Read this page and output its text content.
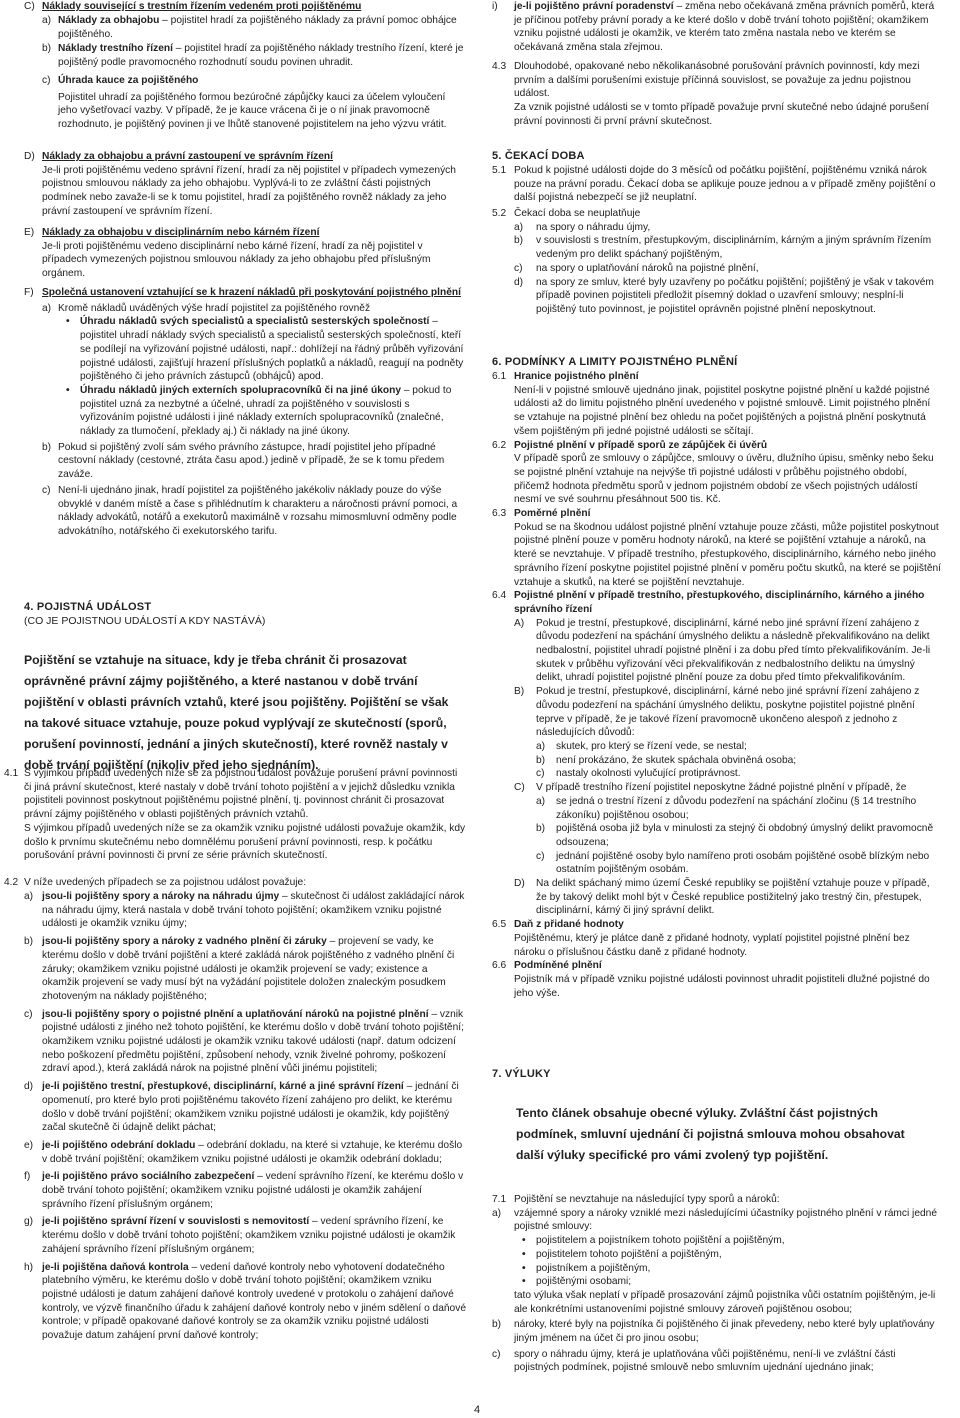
C) Náklady související s trestním řízením vedeném proti pojištěnému
a) Náklady za obhajobu – pojistitel hradí za pojištěného náklady za právní pomoc obhájce pojištěného.

b) Náklady trestního řízení – pojistitel hradí za pojištěného náklady trestního řízení, které je pojištěný podle pravomocného rozhodnutí soudu povinen uhradit.

c) Úhrada kauce za pojištěného

Pojistitel uhradí za pojištěného formou bezúročné zápůjčky kauci za účelem vyloučení jeho vyšetřovací vazby. V případě, že je kauce vrácena či je o ní jinak pravomocně rozhodnuto, je pojištěný povinen ji ve lhůtě stanovené pojistitelem na jeho výzvu vrátit.

D) Náklady za obhajobu a právní zastoupení ve správním řízení

Je-li proti pojištěnému vedeno správní řízení, hradí za něj pojistitel v případech vymezených pojistnou smlouvou náklady za jeho obhajobu. Vyplývá-li to ze zvláštní části pojistných podmínek nebo zavaže-li se k tomu pojistitel, hradí za pojištěného rovněž náklady za jeho právní zastoupení ve správním řízení.

E) Náklady za obhajobu v disciplinárním nebo kárném řízení

Je-li proti pojištěnému vedeno disciplinární nebo kárné řízení, hradí za něj pojistitel v případech vymezených pojistnou smlouvou náklady za jeho obhajobu před příslušným orgánem.

F) Společná ustanovení vztahující se k hrazení nákladů při poskytování pojistného plnění

a) Kromě nákladů uváděných výše hradí pojistitel za pojištěného rovněž

• Úhradu nákladů svých specialistů a specialistů sesterských společností – pojistitel uhradí náklady svých specialistů a specialistů sesterských společností, kteří se podílejí na vyřizování pojistné události, např.: dohlížejí na řádný průběh vyřizování pojistné události, zajišťují hrazení příslušných poplatků a nákladů, reagují na podněty pojištěného či jeho právních zástupců (obhájců) apod.

• Úhradu nákladů jiných externích spolupracovníků či na jiné úkony – pokud to pojistitel uzná za nezbytné a účelné, uhradí za pojištěného v souvislosti s vyřizováním pojistné události i jiné náklady externích spolupracovníků (znalečné, náklady za tlumočení, překlady aj.) či náklady na jiné úkony.

b) Pokud si pojištěný zvolí sám svého právního zástupce, hradí pojistitel jeho případné cestovní náklady (cestovné, ztráta času apod.) jedině v případě, že se k tomu předem zaváže.

c) Není-li ujednáno jinak, hradí pojistitel za pojištěného jakékoliv náklady pouze do výše obvyklé v daném místě a čase s přihlédnutím k charakteru a náročnosti právní pomoci, a náklady advokátů, notářů a exekutorů maximálně v rozsahu mimosmluvní odměny podle advokátního, notářského či exekutorského tarifu.

4. POJISTNÁ UDÁLOST

(CO JE POJISTNOU UDÁLOSTÍ A KDY NASTÁVÁ)

Pojištění se vztahuje na situace, kdy je třeba chránit či prosazovat oprávněné právní zájmy pojištěného, a které nastanou v době trvání pojištění v oblasti právních vztahů, které jsou pojištěny. Pojištění se však na takové situace vztahuje, pouze pokud vyplývají ze skutečností (sporů, porušení povinností, jednání a jiných skutečností), které rovněž nastaly v době trvání pojištění (nikoliv před jeho sjednáním).

4.1 S výjimkou případů uvedených níže se za pojistnou událost považuje porušení právní povinnosti či jiná právní skutečnost, které nastaly v době trvání tohoto pojištění a v jejichž důsledku vznikla pojistiteli povinnost poskytnout pojištěnému pojistné plnění, tj. povinnost chránit či prosazovat právní zájmy pojištěného v oblasti pojištěných právních vztahů.

S výjimkou případů uvedených níže se za okamžik vzniku pojistné události považuje okamžik, kdy došlo k prvnímu skutečnému nebo domnělému porušení právní povinnosti, resp. k počátku porušování právní povinnosti či první ze série právních skutečností.

4.2 V níže uvedených případech se za pojistnou událost považuje:

a) jsou-li pojištěny spory a nároky na náhradu újmy – skutečnost či událost zakládající nárok na náhradu újmy, která nastala v době trvání tohoto pojištění; okamžikem vzniku pojistné události je okamžik vzniku újmy;

b) jsou-li pojištěny spory a nároky z vadného plnění či záruky – projevení se vady, ke kterému došlo v době trvání pojištění a které zakládá nárok pojištěného z vadného plnění či záruky; okamžikem vzniku pojistné události je okamžik projevení se vady; existence a okamžik projevení se vady musí být na vyžádání pojistitele doložen znaleckým posudkem zhotoveným na náklady pojištěného;

c) jsou-li pojištěny spory o pojistné plnění a uplatňování nároků na pojistné plnění – vznik pojistné události z jiného než tohoto pojištění, ke kterému došlo v době trvání tohoto pojištění; okamžikem vzniku pojistné události je okamžik vzniku takové události (např. datum odcizení nebo poškození předmětu pojištění, způsobení nehody, vznik živelné pohromy, poškození zdraví apod.), která zakládá nárok na pojistné plnění vůči jinému pojistiteli;

d) je-li pojištěno trestní, přestupkové, disciplinární, kárné a jiné správní řízení – jednání či opomenutí, pro které bylo proti pojištěnému takovéto řízení zahájeno pro delikt, ke kterému došlo v době trvání pojištění; okamžikem vzniku pojistné události je okamžik, kdy pojištěný začal skutečně či údajně delikt páchat;

e) je-li pojištěno odebrání dokladu – odebrání dokladu, na které si vztahuje, ke kterému došlo v době trvání pojištění; okamžikem vzniku pojistné události je okamžik odebrání dokladu;

f)	je-li pojištěno právo sociálního zabezpečení – vedení správního řízení, ke kterému došlo v době trvání tohoto pojištění; okamžikem vzniku pojistné události je okamžik zahájení správního řízení příslušným orgánem;

g) je-li pojištěno správní řízení v souvislosti s nemovitostí – vedení správního řízení, ke kterému došlo v době trvání tohoto pojištění; okamžikem vzniku pojistné události je okamžik zahájení správního řízení příslušným orgánem;

h) je-li pojištěna daňová kontrola – vedení daňové kontroly nebo vyhotovení dodatečného platebního výměru, ke kterému došlo v době trvání tohoto pojištění; okamžikem vzniku pojistné události je datum zahájení daňové kontroly uvedené v protokolu o zahájení daňové kontroly, ve výzvě finančního úřadu k zahájení daňové kontroly nebo v jiném sdělení o daňové kontrole; v případě opakované daňové kontroly se za okamžik vzniku pojistné události považuje datum zahájení první daňové kontroly;

i)	je-li pojištěno právní poradenství – změna nebo očekávaná změna právních poměrů, která je příčinou potřeby právní porady a ke které došlo v době trvání tohoto pojištění; okamžikem vzniku pojistné události je okamžik, ve kterém tato změna nastala nebo ve kterém se očekávaná změna stala zřejmou.

4.3 Dlouhodobé, opakované nebo několikanásobné porušování právních povinností, kdy mezi prvním a dalšími porušeními existuje příčinná souvislost, se považuje za jednu pojistnou událost.

Za vznik pojistné události se v tomto případě považuje první skutečné nebo údajné porušení právní povinnosti či první právní skutečnost.

5. ČEKACÍ DOBA

5.1 Pokud k pojistné události dojde do 3 měsíců od počátku pojištění, pojištěnému vzniká nárok pouze na právní poradu. Čekací doba se aplikuje pouze jednou a v případě změny pojištění o další pojistná nebezpečí se již neuplatní.

5.2 Čekací doba se neuplatňuje

a)	na spory o náhradu újmy,

b)	v souvislosti s trestním, přestupkovým, disciplinárním, kárným a jiným správním řízením vedeným pro delikt spáchaný pojištěným,

c)	na spory o uplatňování nároků na pojistné plnění,

d)	na spory ze smluv, které byly uzavřeny po počátku pojištění; pojištěný je však v takovém případě povinen pojistiteli předložit písemný doklad o uzavření smlouvy; nesplní-li pojištěný tuto povinnost, je pojistitel oprávněn pojistné plnění neposkytnout.

6. PODMÍNKY A LIMITY POJISTNÉHO PLNĚNÍ

6.1 Hranice pojistného plnění

Není-li v pojistné smlouvě ujednáno jinak, pojistitel poskytne pojistné plnění u každé pojistné události až do limitu pojistného plnění uvedeného v pojistné smlouvě. Limit pojistného plnění se vztahuje na pojistné plnění bez ohledu na počet pojištěných a pojistná plnění poskytnutá všem pojištěným při jedné pojistné události se sčítají.

6.2 Pojistné plnění v případě sporů ze zápůjček či úvěrů

V případě sporů ze smlouvy o zápůjčce, smlouvy o úvěru, dlužního úpisu, směnky nebo šeku se pojistné plnění vztahuje na nejvýše tři pojistné události v průběhu pojistného období, přičemž hodnota předmětu sporů v jednom pojistném období ze všech pojistných událostí nesmí ve své souhrnu přesáhnout 500 tis. Kč.

6.3 Poměrné plnění

Pokud se na škodnou událost pojistné plnění vztahuje pouze zčásti, může pojistitel poskytnout pojistné plnění pouze v poměru hodnoty nároků, na které se pojištění vztahuje a nároků, na které se nevztahuje. V případě trestního, přestupkového, disciplinárního, kárného nebo jiného správního řízení poskytne pojistitel pojistné plnění v poměru počtu skutků, na které se pojištění vztahuje a skutků, na které se pojištění nevztahuje.

6.4 Pojistné plnění v případě trestního, přestupkového, disciplinárního, kárného a jiného správního řízení

A)	Pokud je trestní, přestupkové, disciplinární, kárné nebo jiné správní řízení zahájeno z důvodu podezření na spáchání úmyslného deliktu a následně překvalifikováno na delikt nedbalostní, pojistitel uhradí pojistné plnění i za dobu před tímto překvalifikováním. Je-li skutek v průběhu vyřizování věci překvalifikován z nedbalostního deliktu na úmyslný delikt, uhradí pojistitel pojistné plnění pouze za dobu před tímto překvalifikováním.

B)	Pokud je trestní, přestupkové, disciplinární, kárné nebo jiné správní řízení zahájeno z důvodu podezření na spáchání úmyslného deliktu, poskytne pojistitel pojistné plnění teprve v případě, že je takové řízení pravomocně ukončeno alespoň z jednoho z následujících důvodů:

a)	skutek, pro který se řízení vede, se nestal;

b)	není prokázáno, že skutek spáchala obviněná osoba;

c)	nastaly okolnosti vylučující protiprávnost.

C)	V případě trestního řízení pojistitel neposkytne žádné pojistné plnění v případě, že

a)	se jedná o trestní řízení z důvodu podezření na spáchání zločinu (§ 14 trestního zákoníku) pojištěnou osobou;

b)	pojištěná osoba již byla v minulosti za stejný či obdobný úmyslný delikt pravomocně odsouzena;

c)	jednání pojištěné osoby bylo namířeno proti osobám pojištěné osobě blízkým nebo ostatním pojištěným osobám.

D)	Na delikt spáchaný mimo území České republiky se pojištění vztahuje pouze v případě, že by takový delikt mohl být v České republice postižitelný jako trestný čin, přestupek, disciplinární, kárný či jiný správní delikt.

6.5 Daň z přidané hodnoty

Pojištěnému, který je plátce daně z přidané hodnoty, vyplatí pojistitel pojistné plnění bez nároku o příslušnou částku daně z přidané hodnoty.

6.6 Podmíněné plnění

Pojistník má v případě vzniku pojistné události povinnost uhradit pojistiteli dlužné pojistné do jeho výše.

7. VÝLUKY

Tento článek obsahuje obecné výluky. Zvláštní část pojistných podmínek, smluvní ujednání či pojistná smlouva mohou obsahovat další výluky specifické pro vámi zvolený typ pojištění.

7.1 Pojištění se nevztahuje na následující typy sporů a nároků:

a)	vzájemné spory a nároky vzniklé mezi následujícími účastníky pojistného plnění v rámci jedné pojistné smlouvy:

• pojistitelem a pojistníkem tohoto pojištění a pojištěným,

• pojistitelem tohoto pojištění a pojištěným,

• pojistníkem a pojištěným,

• pojištěnými osobami;

tato výluka však neplatí v případě prosazování zájmů pojistníka vůči ostatním pojištěným, je-li ale konkrétními ustanoveními pojistné smlouvy zároveň pojištěnou osobou;

b)	nároky, které byly na pojistníka či pojištěného či jinak převedeny, nebo které byly uplatňovány jiným jménem na účet či pro jinou osobu;

c)	spory o náhradu újmy, která je uplatňována vůči pojištěnému, není-li ve zvláštní části pojistných podmínek, pojistné smlouvě nebo smluvním ujednání ujednáno jinak;

4
